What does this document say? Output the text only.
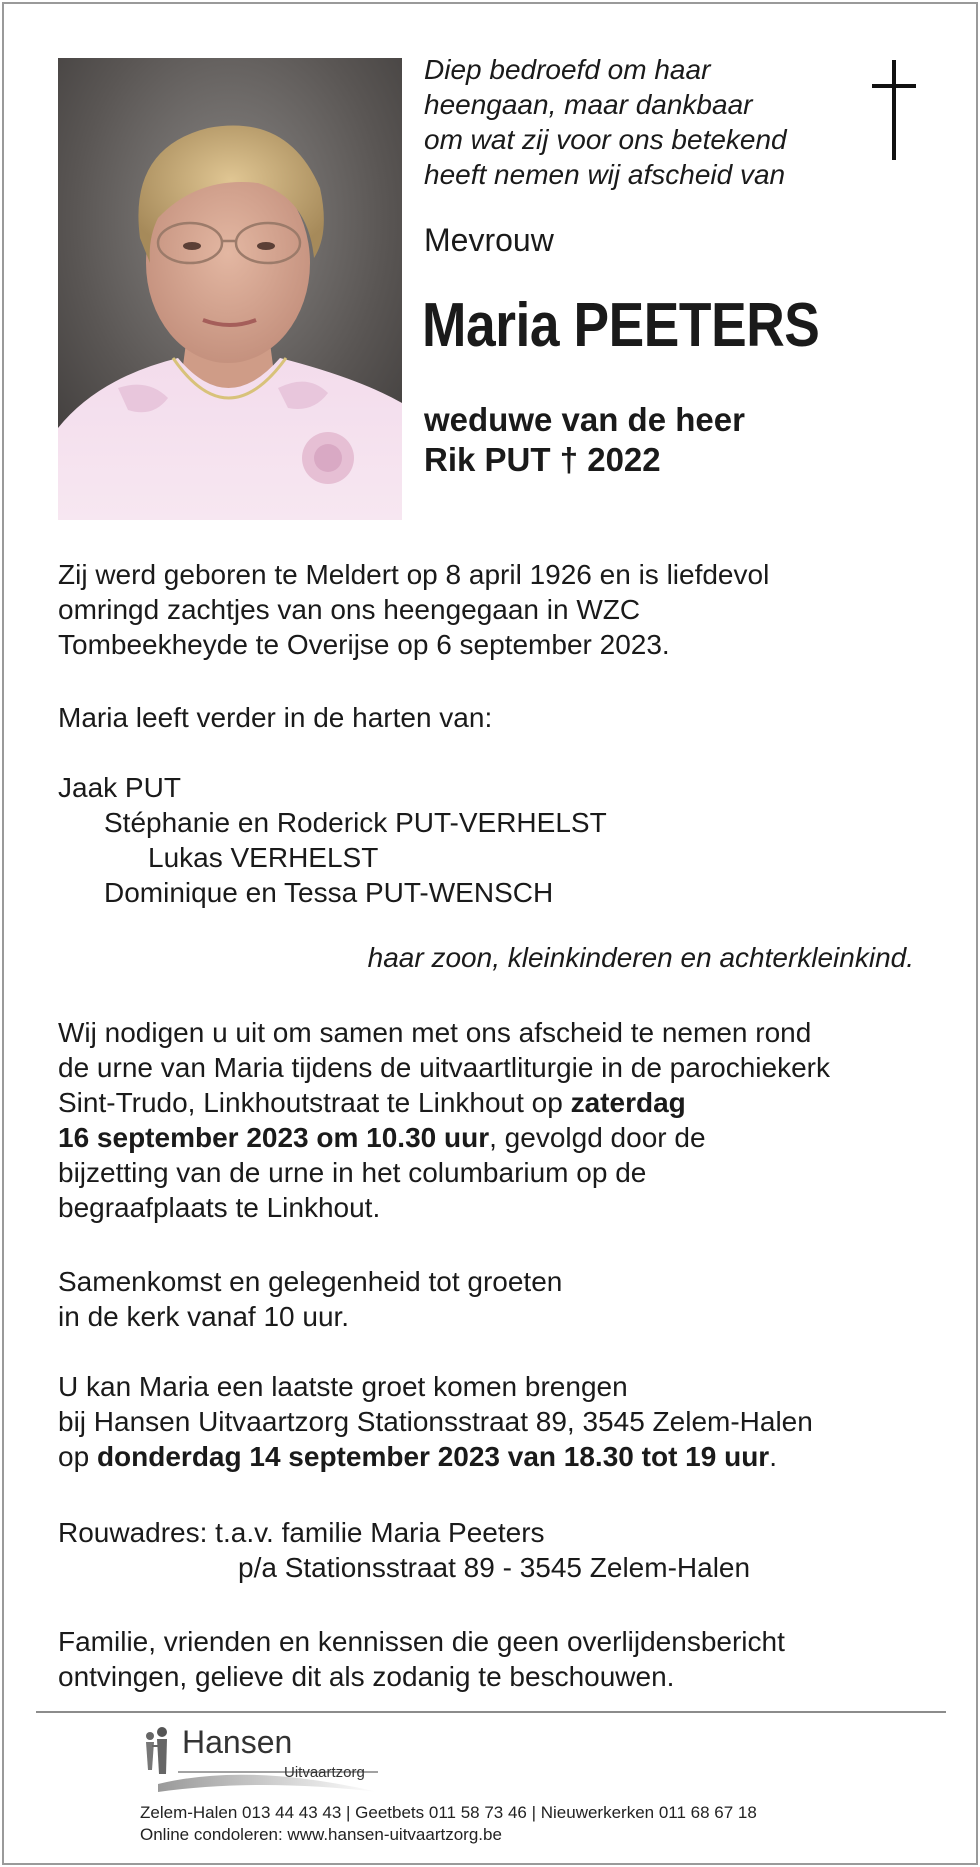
Diep bedroefd om haar
heengaan, maar dankbaar
om wat zij voor ons betekend
heeft nemen wij afscheid van
Mevrouw
Maria PEETERS
weduwe van de heer
Rik PUT † 2022
Zij werd geboren te Meldert op 8 april 1926 en is liefdevol
omringd zachtjes van ons heengegaan in WZC
Tombeekheyde te Overijse op 6 september 2023.
Maria leeft verder in de harten van:
Jaak PUT
Stéphanie en Roderick PUT-VERHELST
Lukas VERHELST
Dominique en Tessa PUT-WENSCH
haar zoon, kleinkinderen en achterkleinkind.
Wij nodigen u uit om samen met ons afscheid te nemen rond
de urne van Maria tijdens de uitvaartliturgie in de parochiekerk
Sint-Trudo, Linkhoutstraat te Linkhout op zaterdag
16 september 2023 om 10.30 uur, gevolgd door de
bijzetting van de urne in het columbarium op de
begraafplaats te Linkhout.
Samenkomst en gelegenheid tot groeten
in de kerk vanaf 10 uur.
U kan Maria een laatste groet komen brengen
bij Hansen Uitvaartzorg Stationsstraat 89, 3545 Zelem-Halen
op donderdag 14 september 2023 van 18.30 tot 19 uur.
Rouwadres: t.a.v. familie Maria Peeters
p/a Stationsstraat 89 - 3545 Zelem-Halen
Familie, vrienden en kennissen die geen overlijdensbericht
ontvingen, gelieve dit als zodanig te beschouwen.
Hansen
Uitvaartzorg
Zelem-Halen 013 44 43 43 | Geetbets 011 58 73 46 | Nieuwerkerken 011 68 67 18
Online condoleren: www.hansen-uitvaartzorg.be
